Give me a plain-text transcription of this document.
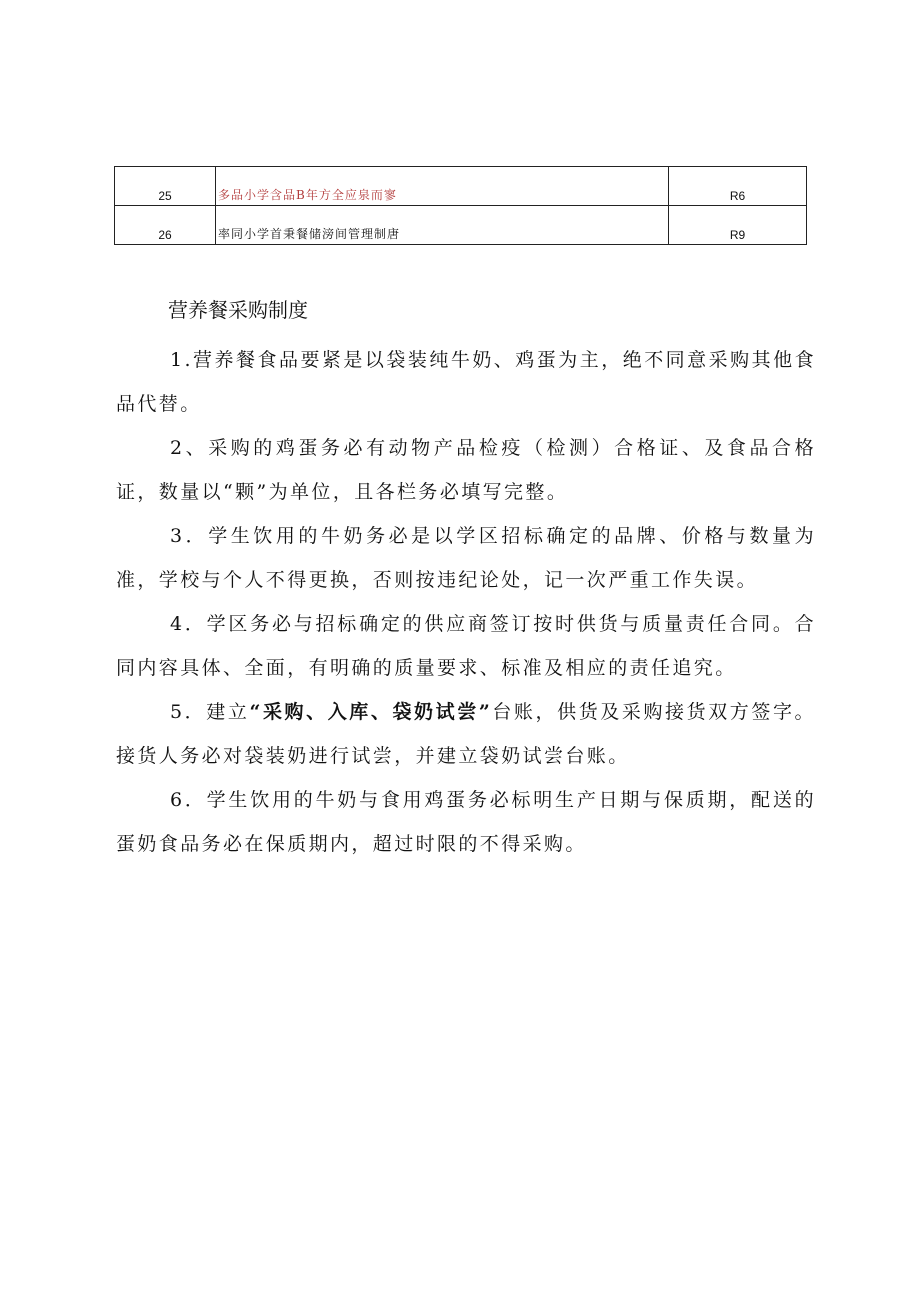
25	多品小学含品B年方全应泉而寥	R6
26	率同小学首秉餐储滂间管理制唐	R9
营养餐采购制度

1.营养餐食品要紧是以袋装纯牛奶、鸡蛋为主，绝不同意采购其他食品代替。

2、采购的鸡蛋务必有动物产品检疫（检测）合格证、及食品合格证，数量以“颗”为单位，且各栏务必填写完整。

3．学生饮用的牛奶务必是以学区招标确定的品牌、价格与数量为准，学校与个人不得更换，否则按违纪论处，记一次严重工作失误。

4．学区务必与招标确定的供应商签订按时供货与质量责任合同。合同内容具体、全面，有明确的质量要求、标准及相应的责任追究。

5．建立“采购、入库、袋奶试尝”台账，供货及采购接货双方签字。接货人务必对袋装奶进行试尝，并建立袋奶试尝台账。

6．学生饮用的牛奶与食用鸡蛋务必标明生产日期与保质期，配送的蛋奶食品务必在保质期内，超过时限的不得采购。
